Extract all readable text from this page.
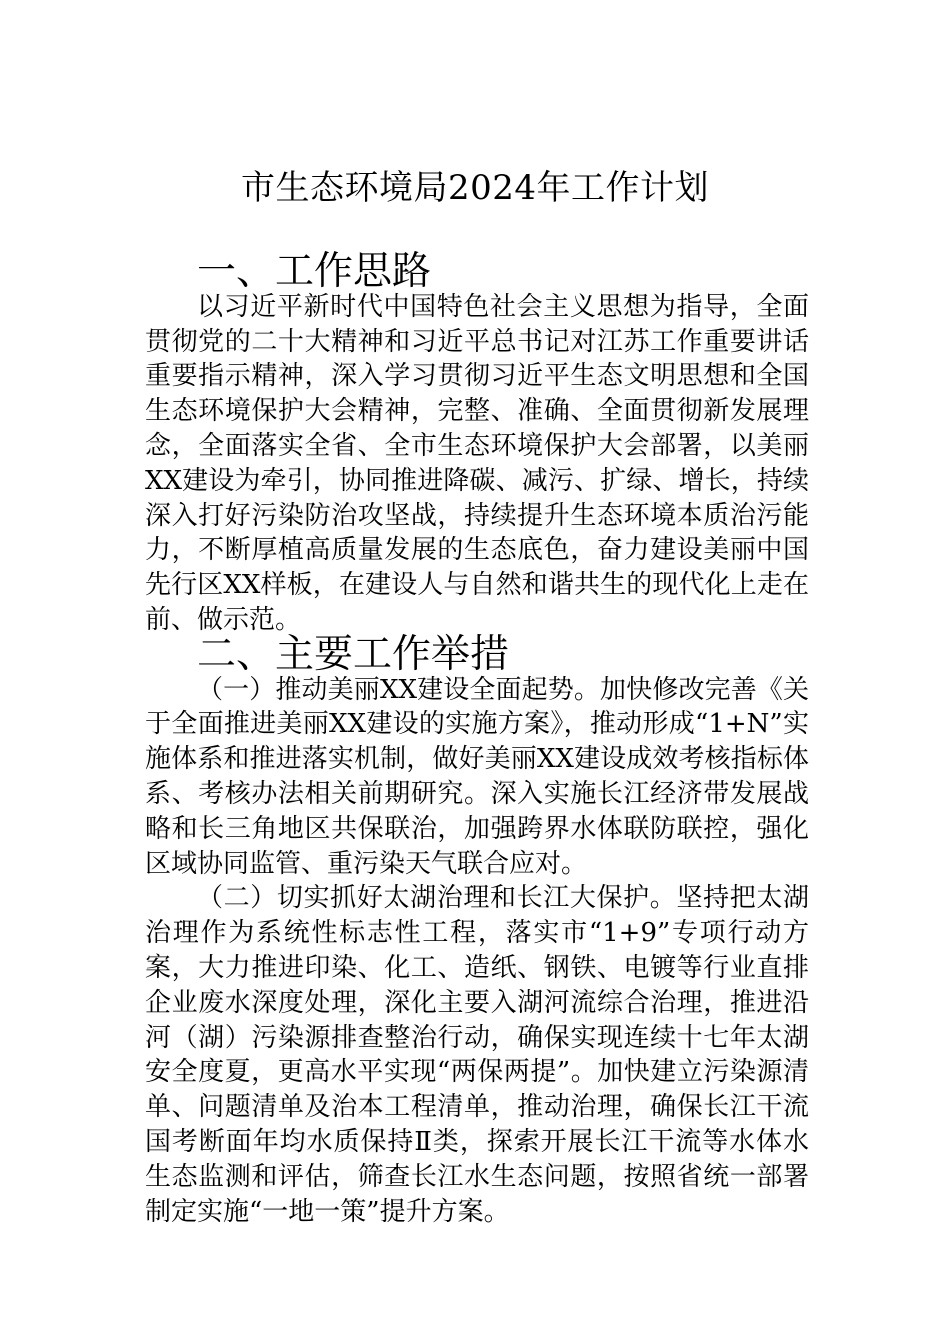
市生态环境局2024年工作计划
一、工作思路

以习近平新时代中国特色社会主义思想为指导，全面贯彻党的二十大精神和习近平总书记对江苏工作重要讲话重要指示精神，深入学习贯彻习近平生态文明思想和全国生态环境保护大会精神，完整、准确、全面贯彻新发展理念，全面落实全省、全市生态环境保护大会部署，以美丽XX建设为牵引，协同推进降碳、减污、扩绿、增长，持续深入打好污染防治攻坚战，持续提升生态环境本质治污能力，不断厚植高质量发展的生态底色，奋力建设美丽中国先行区XX样板，在建设人与自然和谐共生的现代化上走在前、做示范。

二、主要工作举措

（一）推动美丽XX建设全面起势。加快修改完善《关于全面推进美丽XX建设的实施方案》，推动形成“1+N”实施体系和推进落实机制，做好美丽XX建设成效考核指标体系、考核办法相关前期研究。深入实施长江经济带发展战略和长三角地区共保联治，加强跨界水体联防联控，强化区域协同监管、重污染天气联合应对。

（二）切实抓好太湖治理和长江大保护。坚持把太湖治理作为系统性标志性工程，落实市“1+9”专项行动方案，大力推进印染、化工、造纸、钢铁、电镀等行业直排企业废水深度处理，深化主要入湖河流综合治理，推进沿河（湖）污染源排查整治行动，确保实现连续十七年太湖安全度夏，更高水平实现“两保两提”。加快建立污染源清单、问题清单及治本工程清单，推动治理，确保长江干流国考断面年均水质保持Ⅱ类，探索开展长江干流等水体水生态监测和评估，筛查长江水生态问题，按照省统一部署制定实施“一地一策”提升方案。
